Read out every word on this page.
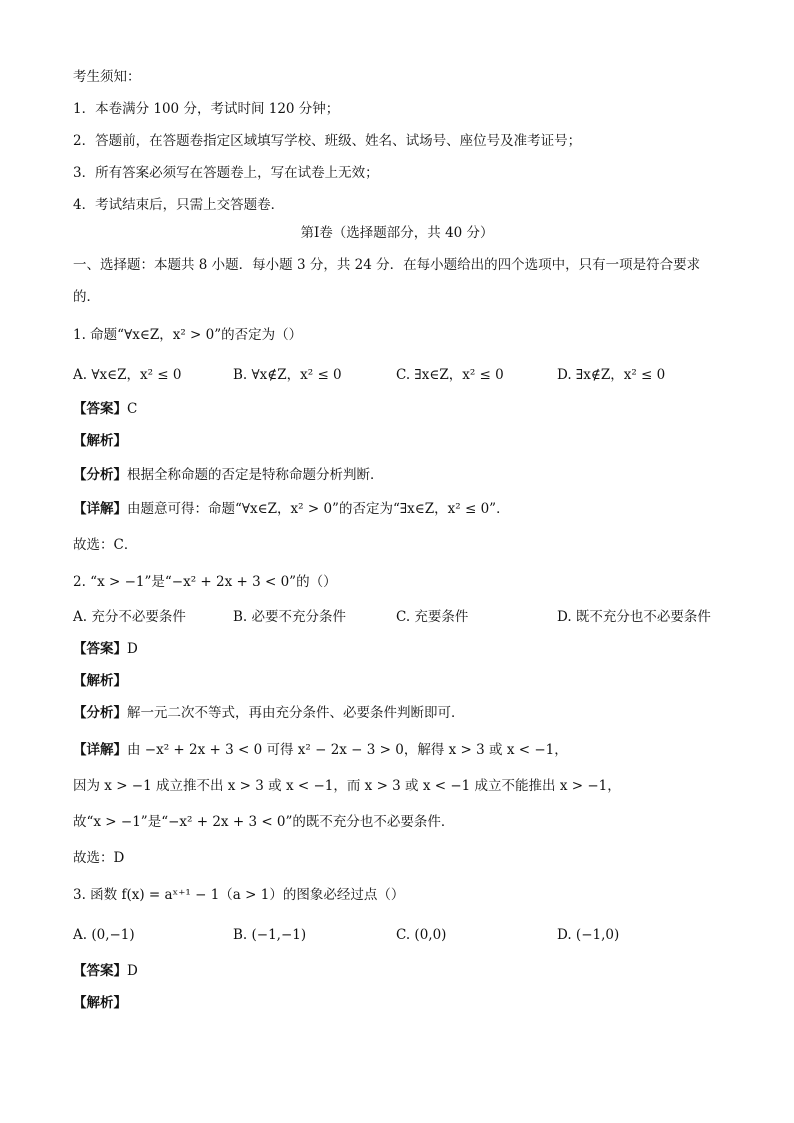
考生须知：
1．本卷满分 100 分，考试时间 120 分钟；
2．答题前，在答题卷指定区域填写学校、班级、姓名、试场号、座位号及准考证号；
3．所有答案必须写在答题卷上，写在试卷上无效；
4．考试结束后，只需上交答题卷．
第Ⅰ卷（选择题部分，共 40 分）
一、选择题：本题共 8 小题．每小题 3 分，共 24 分．在每小题给出的四个选项中，只有一项是符合要求
的．
1. 命题“∀x∈Z，x² > 0”的否定为（）
A. ∀x∈Z，x² ≤ 0	B. ∀x∉Z，x² ≤ 0	C. ∃x∈Z，x² ≤ 0	D. ∃x∉Z，x² ≤ 0
【答案】C
【解析】
【分析】根据全称命题的否定是特称命题分析判断．
【详解】由题意可得：命题“∀x∈Z，x² > 0”的否定为“∃x∈Z，x² ≤ 0”．
故选：C．
2. “x > −1”是“−x² + 2x + 3 < 0”的（）
A. 充分不必要条件	B. 必要不充分条件	C. 充要条件	D. 既不充分也不必要条件
【答案】D
【解析】
【分析】解一元二次不等式，再由充分条件、必要条件判断即可．
【详解】由 −x² + 2x + 3 < 0 可得 x² − 2x − 3 > 0，解得 x > 3 或 x < −1，
因为 x > −1 成立推不出 x > 3 或 x < −1，而 x > 3 或 x < −1 成立不能推出 x > −1，
故“x > −1”是“−x² + 2x + 3 < 0”的既不充分也不必要条件．
故选：D
3. 函数 f(x) = aˣ⁺¹ − 1（a > 1）的图象必经过点（）
A. (0,−1)	B. (−1,−1)	C. (0,0)	D. (−1,0)
【答案】D
【解析】
